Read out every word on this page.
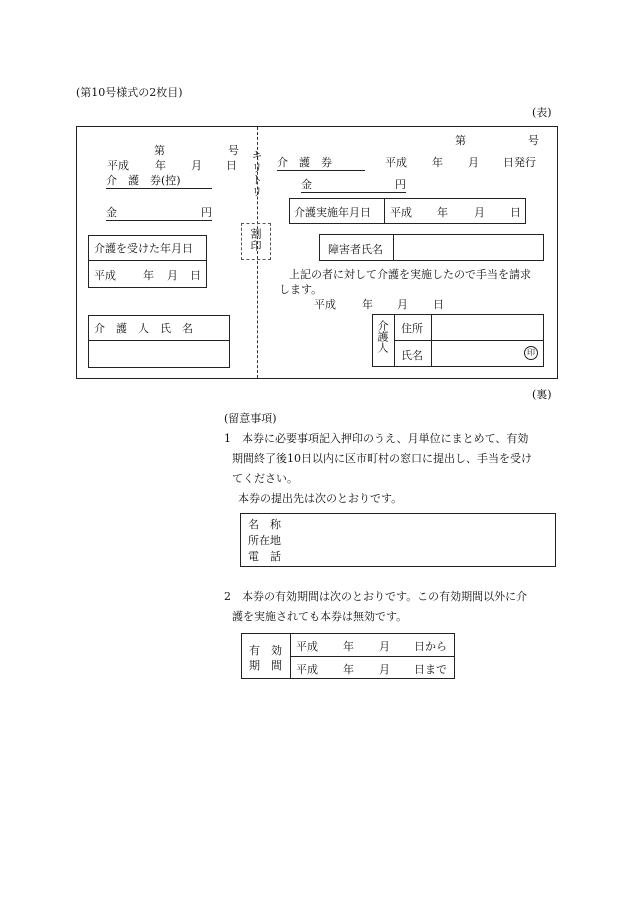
(第10号様式の2枚目)
(表)
キリトリ
割印
第	号
平成 年 月 日
介　護　券(控)
金	円
介護を受けた年月日
平成 年 月 日
介　護　人　氏　名
第	号
介　護　券	平成 年 月 日発行
金	円
介護実施年月日 平成 年 月 日
障害者氏名
上記の者に対して介護を実施したので手当を請求
します。
平成 年 月 日
介護人 住所
氏名	印
(裏)
(留意事項)
1　本券に必要事項記入押印のうえ、月単位にまとめて、有効
期間終了後10日以内に区市町村の窓口に提出し、手当を受け
てください。
本券の提出先は次のとおりです。
名　称
所在地
電　話
2　本券の有効期間は次のとおりです。この有効期間以外に介
護を実施されても本券は無効です。
有　効
期　間
平成 年 月 日から
平成 年 月 日まで
